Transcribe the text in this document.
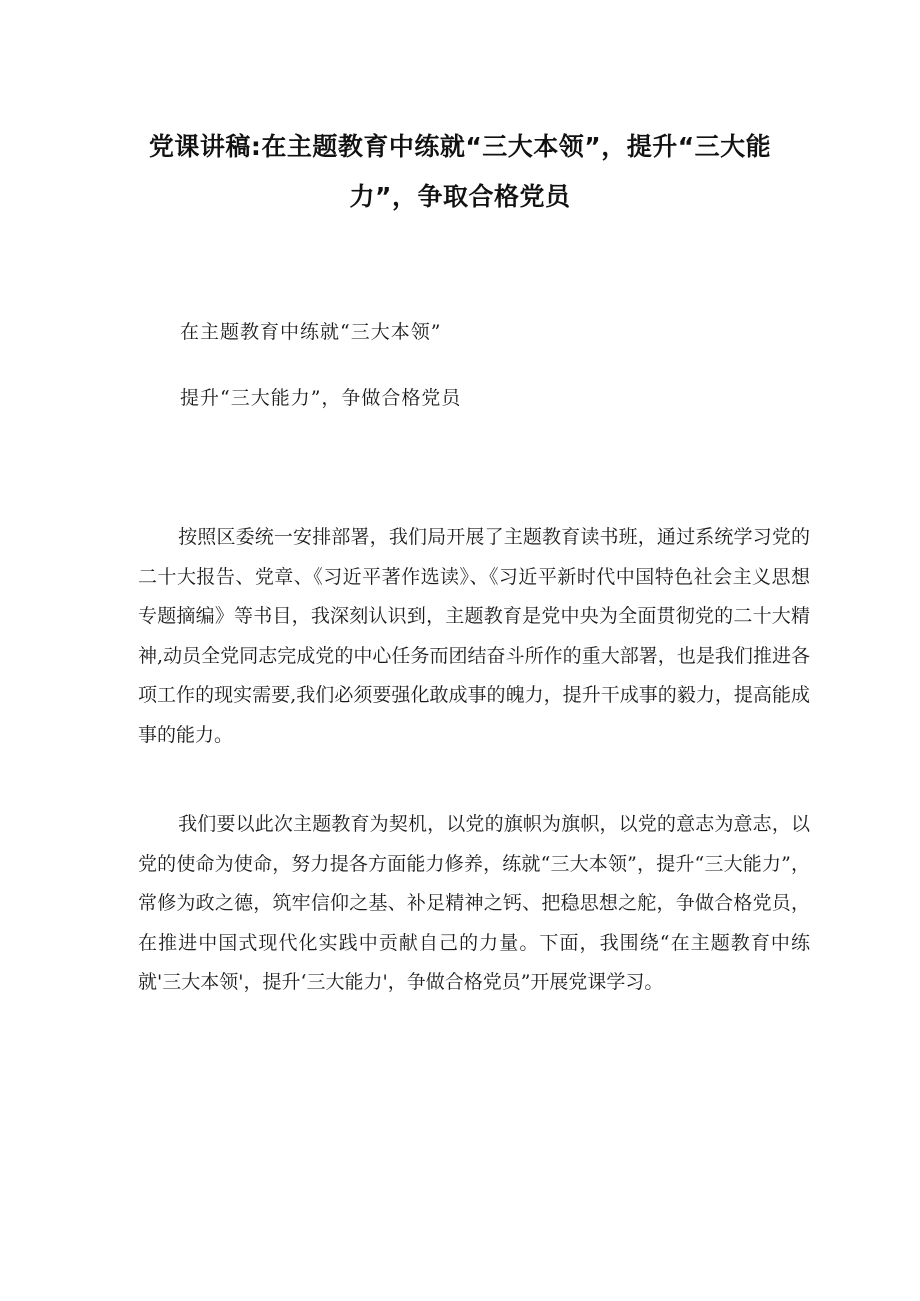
党课讲稿:在主题教育中练就“三大本领”，提升“三大能力”，争取合格党员
在主题教育中练就“三大本领”
提升“三大能力”，争做合格党员

按照区委统一安排部署，我们局开展了主题教育读书班，通过系统学习党的二十大报告、党章、《习近平著作选读》、《习近平新时代中国特色社会主义思想专题摘编》等书目，我深刻认识到，主题教育是党中央为全面贯彻党的二十大精神,动员全党同志完成党的中心任务而团结奋斗所作的重大部署，也是我们推进各项工作的现实需要,我们必须要强化敢成事的魄力，提升干成事的毅力，提高能成事的能力。

我们要以此次主题教育为契机，以党的旗帜为旗帜，以党的意志为意志，以党的使命为使命，努力提各方面能力修养，练就“三大本领”，提升“三大能力”，常修为政之德，筑牢信仰之基、补足精神之钙、把稳思想之舵，争做合格党员，在推进中国式现代化实践中贡献自己的力量。下面，我围绕“在主题教育中练就'三大本领'，提升‘三大能力'，争做合格党员”开展党课学习。
